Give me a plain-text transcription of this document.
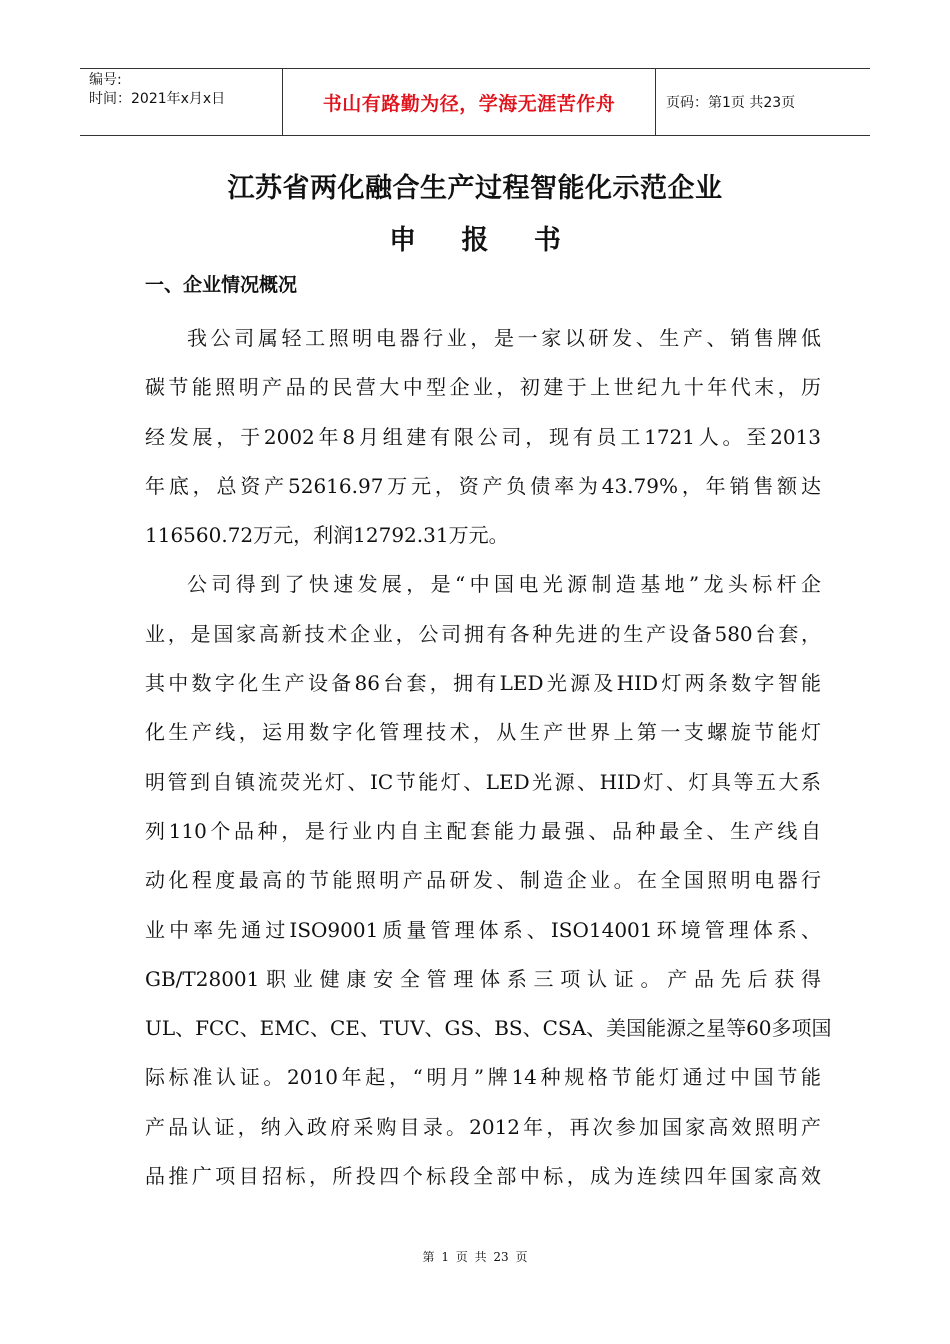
编号:
时间：2021年x月x日	书山有路勤为径，学海无涯苦作舟	页码：第1页 共23页
江苏省两化融合生产过程智能化示范企业
申 报 书
一、企业情况概况
我公司属轻工照明电器行业，是一家以研发、生产、销售牌低
碳节能照明产品的民营大中型企业，初建于上世纪九十年代末，历
经发展，于2002年8月组建有限公司，现有员工1721人。至2013
年底，总资产52616.97万元，资产负债率为43.79%，年销售额达
116560.72万元，利润12792.31万元。
公司得到了快速发展，是“中国电光源制造基地”龙头标杆企
业，是国家高新技术企业，公司拥有各种先进的生产设备580台套，
其中数字化生产设备86台套，拥有LED光源及HID灯两条数字智能
化生产线，运用数字化管理技术，从生产世界上第一支螺旋节能灯
明管到自镇流荧光灯、IC节能灯、LED光源、HID灯、灯具等五大系
列110个品种，是行业内自主配套能力最强、品种最全、生产线自
动化程度最高的节能照明产品研发、制造企业。在全国照明电器行
业中率先通过ISO9001质量管理体系、ISO14001环境管理体系、
GB/T28001职业健康安全管理体系三项认证。产品先后获得
UL、FCC、EMC、CE、TUV、GS、BS、CSA、美国能源之星等60多项国
际标准认证。2010年起，“明月”牌14种规格节能灯通过中国节能
产品认证，纳入政府采购目录。2012年，再次参加国家高效照明产
品推广项目招标，所投四个标段全部中标，成为连续四年国家高效
第 1 页 共 23 页
